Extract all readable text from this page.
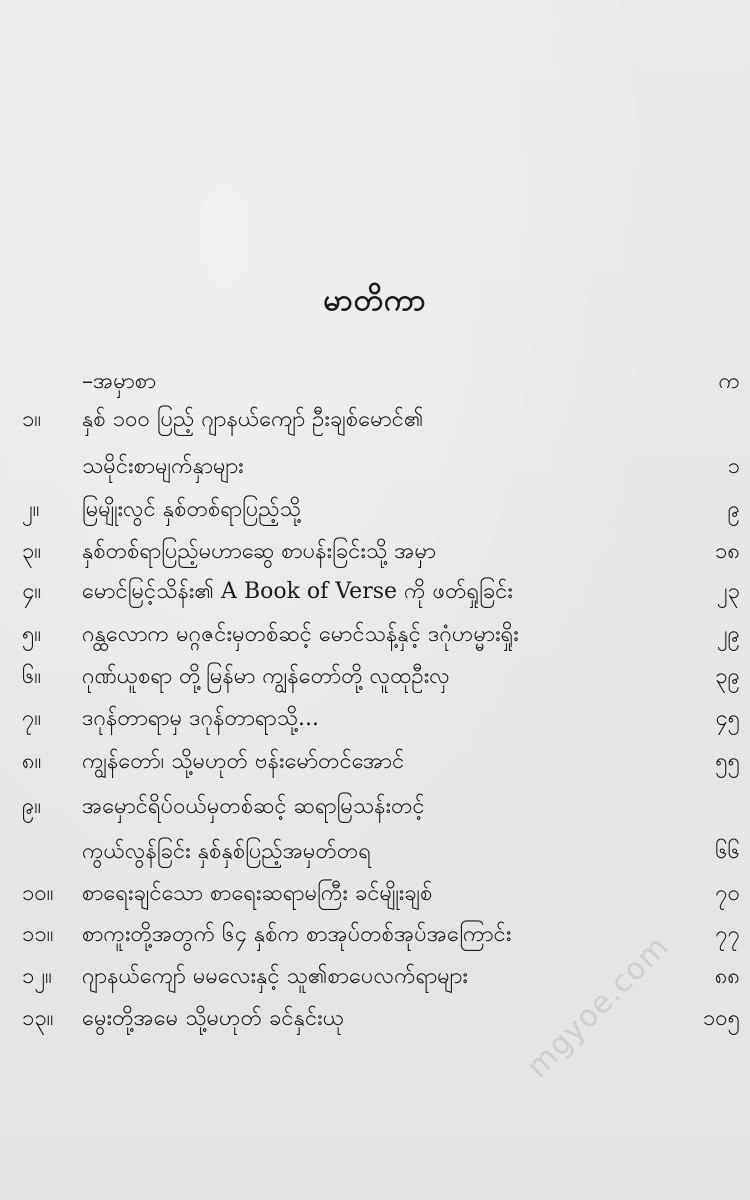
မာတိကာ
–အမှာစာ	က
၁။	နှစ် ၁၀၀ ပြည့် ဂျာနယ်ကျော် ဦးချစ်မောင်၏
သမိုင်းစာမျက်နှာများ	၁
၂။	မြမျိုးလွင် နှစ်တစ်ရာပြည့်သို့	၉
၃။	နှစ်တစ်ရာပြည့်မဟာဆွေ စာပန်းခြင်းသို့ အမှာ	၁၈
၄။	မောင်မြင့်သိန်း၏ A Book of Verse ကို ဖတ်ရှုခြင်း	၂၃
၅။	ဂန္ထလောက မဂ္ဂဇင်းမှတစ်ဆင့် မောင်သန့်နှင့် ဒဂုံဟမ္မားရှိုး	၂၉
၆။	ဂုဏ်ယူစရာ တို့မြန်မာ ကျွန်တော်တို့ လူထုဦးလှ	၃၉
၇။	ဒဂုန်တာရာမှ ဒဂုန်တာရာသို့...	၄၅
၈။	ကျွန်တော်၊ သို့မဟုတ် ဗန်းမော်တင်အောင်	၅၅
၉။	အမှောင်ရိပ်ဝယ်မှတစ်ဆင့် ဆရာမြသန်းတင့်
ကွယ်လွန်ခြင်း နှစ်နှစ်ပြည့်အမှတ်တရ	၆၆
၁၀။	စာရေးချင်သော စာရေးဆရာမကြီး ခင်မျိုးချစ်	၇၀
၁၁။	စာကူးတို့အတွက် ၆၄ နှစ်က စာအုပ်တစ်အုပ်အကြောင်း	၇၇
၁၂။	ဂျာနယ်ကျော် မမလေးနှင့် သူ၏စာပေလက်ရာများ	၈၈
၁၃။	မွေးတို့အမေ သို့မဟုတ် ခင်နှင်းယု	၁၀၅
mgyoe.com
